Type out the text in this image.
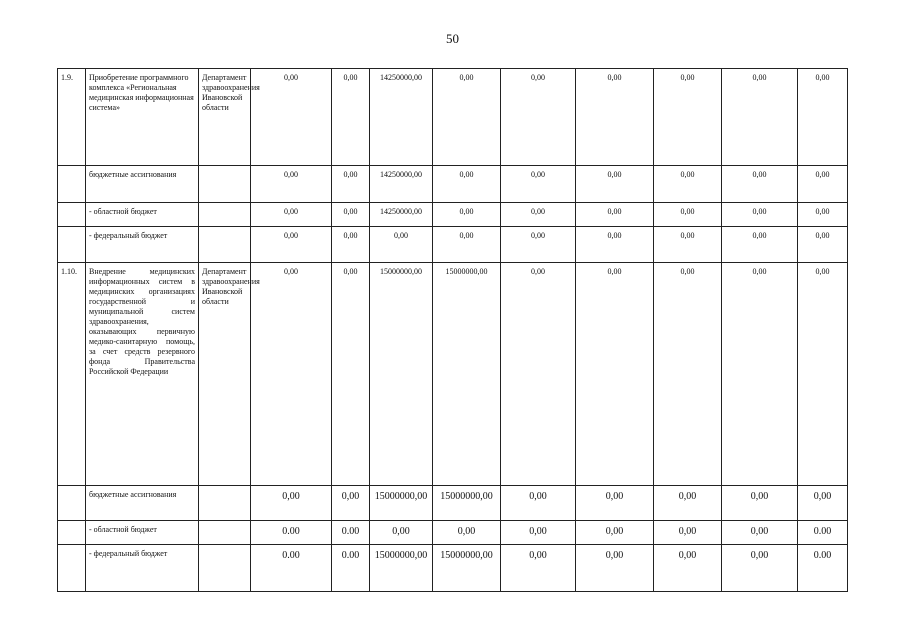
50
1.9.	Приобретение программного комплекса «Региональная медицинская информационная система»	Департамент здравоохранения Ивановской области	0,00	0,00	14250000,00	0,00	0,00	0,00	0,00	0,00	0,00
	бюджетные ассигнования		0,00	0,00	14250000,00	0,00	0,00	0,00	0,00	0,00	0,00
	- областной бюджет		0,00	0,00	14250000,00	0,00	0,00	0,00	0,00	0,00	0,00
	- федеральный бюджет		0,00	0,00	0,00	0,00	0,00	0,00	0,00	0,00	0,00
1.10.	Внедрение медицинских информационных систем в медицинских организациях государственной и муниципальной систем здравоохранения, оказывающих первичную медико-санитарную помощь, за счет средств резервного фонда Правительства Российской Федерации	Департамент здравоохранения Ивановской области	0,00	0,00	15000000,00	15000000,00	0,00	0,00	0,00	0,00	0,00
	бюджетные ассигнования		0,00	0,00	15000000,00	15000000,00	0,00	0,00	0,00	0,00	0,00
	- областной бюджет		0.00	0.00	0,00	0,00	0,00	0,00	0,00	0,00	0.00
	- федеральный бюджет		0.00	0.00	15000000,00	15000000,00	0,00	0,00	0,00	0,00	0.00
